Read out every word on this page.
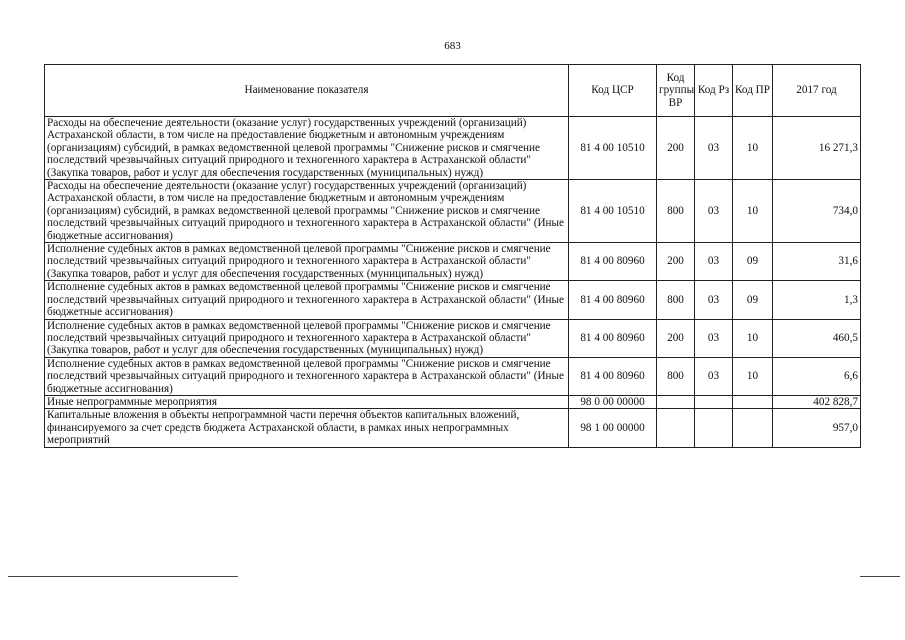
683
Наименование показателя	Код ЦСР	Код группы ВР	Код Рз	Код ПР	2017 год
Расходы на обеспечение деятельности (оказание услуг) государственных учреждений (организаций) Астраханской области, в том числе на предоставление бюджетным и автономным учреждениям (организациям) субсидий, в рамках ведомственной целевой программы "Снижение рисков и смягчение последствий чрезвычайных ситуаций природного и техногенного характера в Астраханской области" (Закупка товаров, работ и услуг для обеспечения государственных (муниципальных) нужд)	81 4 00 10510	200	03	10	16 271,3
Расходы на обеспечение деятельности (оказание услуг) государственных учреждений (организаций) Астраханской области, в том числе на предоставление бюджетным и автономным учреждениям (организациям) субсидий, в рамках ведомственной целевой программы "Снижение рисков и смягчение последствий чрезвычайных ситуаций природного и техногенного характера в Астраханской области" (Иные бюджетные ассигнования)	81 4 00 10510	800	03	10	734,0
Исполнение судебных актов в рамках ведомственной целевой программы "Снижение рисков и смягчение последствий чрезвычайных ситуаций природного и техногенного характера в Астраханской области" (Закупка товаров, работ и услуг для обеспечения государственных (муниципальных) нужд)	81 4 00 80960	200	03	09	31,6
Исполнение судебных актов в рамках ведомственной целевой программы "Снижение рисков и смягчение последствий чрезвычайных ситуаций природного и техногенного характера в Астраханской области" (Иные бюджетные ассигнования)	81 4 00 80960	800	03	09	1,3
Исполнение судебных актов в рамках ведомственной целевой программы "Снижение рисков и смягчение последствий чрезвычайных ситуаций природного и техногенного характера в Астраханской области" (Закупка товаров, работ и услуг для обеспечения государственных (муниципальных) нужд)	81 4 00 80960	200	03	10	460,5
Исполнение судебных актов в рамках ведомственной целевой программы "Снижение рисков и смягчение последствий чрезвычайных ситуаций природного и техногенного характера в Астраханской области" (Иные бюджетные ассигнования)	81 4 00 80960	800	03	10	6,6
Иные непрограммные мероприятия	98 0 00 00000				402 828,7
Капитальные вложения в объекты непрограммной части перечня объектов капитальных вложений, финансируемого за счет средств бюджета Астраханской области, в рамках иных непрограммных мероприятий	98 1 00 00000				957,0
